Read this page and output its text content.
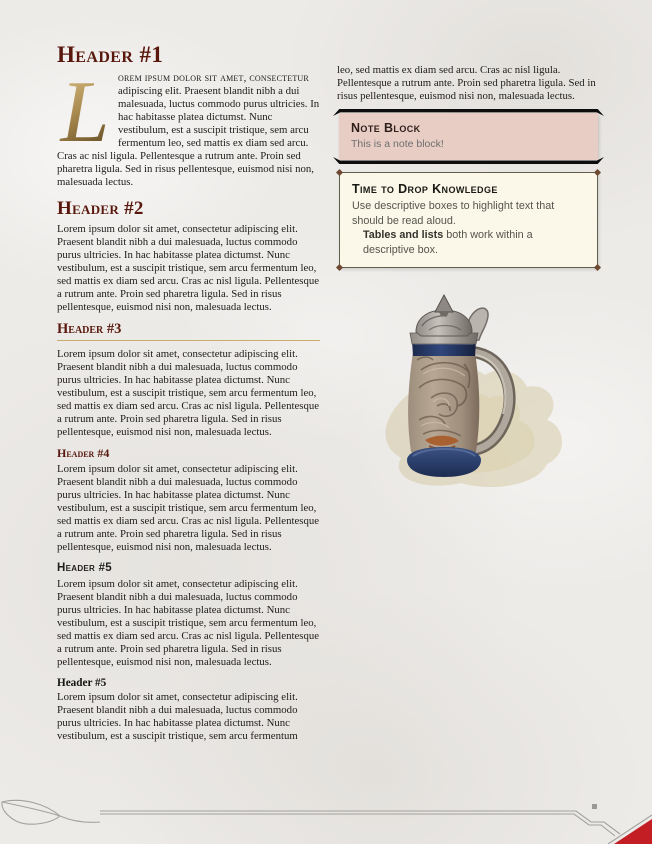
Header #1
L orem ipsum dolor sit amet, consectetur adipiscing elit. Praesent blandit nibh a dui malesuada, luctus commodo purus ultricies. In hac habitasse platea dictumst. Nunc vestibulum, est a suscipit tristique, sem arcu fermentum leo, sed mattis ex diam sed arcu. Cras ac nisl ligula. Pellentesque a rutrum ante. Proin sed pharetra ligula. Sed in risus pellentesque, euismod nisi non, malesuada lectus.
Header #2
Lorem ipsum dolor sit amet, consectetur adipiscing elit. Praesent blandit nibh a dui malesuada, luctus commodo purus ultricies. In hac habitasse platea dictumst. Nunc vestibulum, est a suscipit tristique, sem arcu fermentum leo, sed mattis ex diam sed arcu. Cras ac nisl ligula. Pellentesque a rutrum ante. Proin sed pharetra ligula. Sed in risus pellentesque, euismod nisi non, malesuada lectus.
Header #3
Lorem ipsum dolor sit amet, consectetur adipiscing elit. Praesent blandit nibh a dui malesuada, luctus commodo purus ultricies. In hac habitasse platea dictumst. Nunc vestibulum, est a suscipit tristique, sem arcu fermentum leo, sed mattis ex diam sed arcu. Cras ac nisl ligula. Pellentesque a rutrum ante. Proin sed pharetra ligula. Sed in risus pellentesque, euismod nisi non, malesuada lectus.
Header #4
Lorem ipsum dolor sit amet, consectetur adipiscing elit. Praesent blandit nibh a dui malesuada, luctus commodo purus ultricies. In hac habitasse platea dictumst. Nunc vestibulum, est a suscipit tristique, sem arcu fermentum leo, sed mattis ex diam sed arcu. Cras ac nisl ligula. Pellentesque a rutrum ante. Proin sed pharetra ligula. Sed in risus pellentesque, euismod nisi non, malesuada lectus.
Header #5
Lorem ipsum dolor sit amet, consectetur adipiscing elit. Praesent blandit nibh a dui malesuada, luctus commodo purus ultricies. In hac habitasse platea dictumst. Nunc vestibulum, est a suscipit tristique, sem arcu fermentum leo, sed mattis ex diam sed arcu. Cras ac nisl ligula. Pellentesque a rutrum ante. Proin sed pharetra ligula. Sed in risus pellentesque, euismod nisi non, malesuada lectus.
Header #5
Lorem ipsum dolor sit amet, consectetur adipiscing elit. Praesent blandit nibh a dui malesuada, luctus commodo purus ultricies. In hac habitasse platea dictumst. Nunc vestibulum, est a suscipit tristique, sem arcu fermentum
leo, sed mattis ex diam sed arcu. Cras ac nisl ligula. Pellentesque a rutrum ante. Proin sed pharetra ligula. Sed in risus pellentesque, euismod nisi non, malesuada lectus.
Note Block
This is a note block!
Time to Drop Knowledge
Use descriptive boxes to highlight text that should be read aloud.
Tables and lists both work within a descriptive box.
